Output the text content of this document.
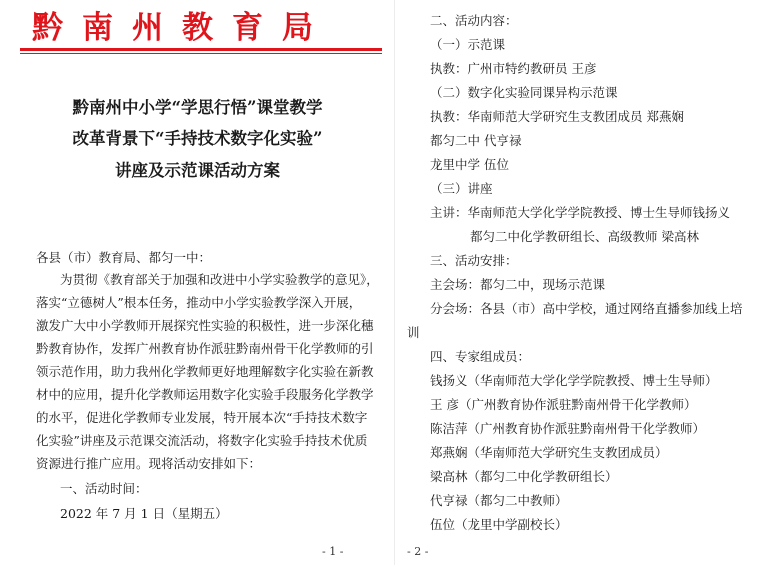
黔南州教育局
黔南州中小学“学思行悟”课堂教学
改革背景下“手持技术数字化实验”
讲座及示范课活动方案
各县（市）教育局、都匀一中：
为贯彻《教育部关于加强和改进中小学实验教学的意见》，
落实“立德树人”根本任务，推动中小学实验教学深入开展，
激发广大中小学教师开展探究性实验的积极性，进一步深化穗
黔教育协作，发挥广州教育协作派驻黔南州骨干化学教师的引
领示范作用，助力我州化学教师更好地理解数字化实验在新教
材中的应用，提升化学教师运用数字化实验手段服务化学教学
的水平，促进化学教师专业发展，特开展本次“手持技术数字
化实验”讲座及示范课交流活动，将数字化实验手持技术优质
资源进行推广应用。现将活动安排如下：
一、活动时间：
2022 年 7 月 1 日（星期五）
- 1 -
二、活动内容：
（一）示范课
执教：广州市特约教研员 王彦
（二）数字化实验同课异构示范课
执教：华南师范大学研究生支教团成员 郑燕娴
都匀二中 代亨禄
龙里中学 伍位
（三）讲座
主讲：华南师范大学化学学院教授、博士生导师钱扬义
都匀二中化学教研组长、高级教师 梁高林
三、活动安排：
主会场：都匀二中，现场示范课
分会场：各县（市）高中学校，通过网络直播参加线上培
训
四、专家组成员：
钱扬义（华南师范大学化学学院教授、博士生导师）
王 彦（广州教育协作派驻黔南州骨干化学教师）
陈洁萍（广州教育协作派驻黔南州骨干化学教师）
郑燕娴（华南师范大学研究生支教团成员）
梁高林（都匀二中化学教研组长）
代亨禄（都匀二中教师）
伍位（龙里中学副校长）
- 2 -
